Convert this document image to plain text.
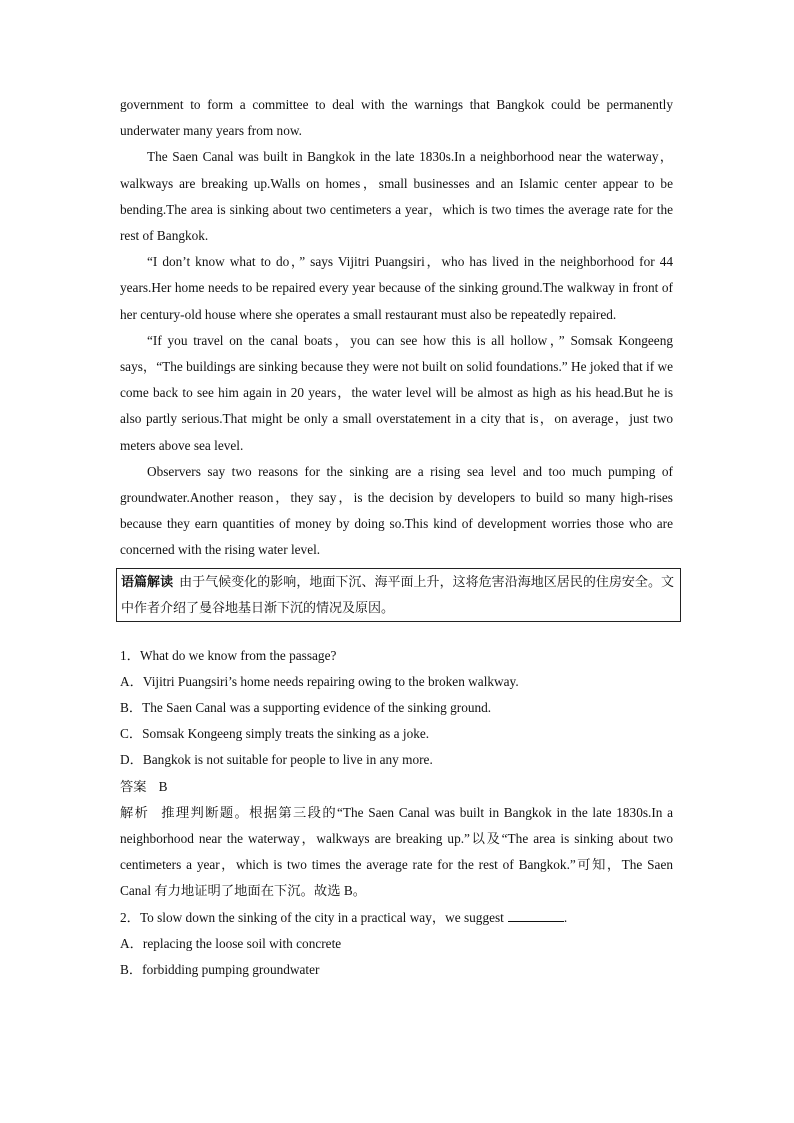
government to form a committee to deal with the warnings that Bangkok could be permanently underwater many years from now.

The Saen Canal was built in Bangkok in the late 1830s.In a neighborhood near the waterway，walkways are breaking up.Walls on homes，small businesses and an Islamic center appear to be bending.The area is sinking about two centimeters a year，which is two times the average rate for the rest of Bangkok.

“I don’t know what to do，” says Vijitri Puangsiri，who has lived in the neighborhood for 44 years.Her home needs to be repaired every year because of the sinking ground.The walkway in front of her century-old house where she operates a small restaurant must also be repeatedly repaired.

“If you travel on the canal boats，you can see how this is all hollow，” Somsak Kongeeng says，“The buildings are sinking because they were not built on solid foundations.” He joked that if we come back to see him again in 20 years，the water level will be almost as high as his head.But he is also partly serious.That might be only a small overstatement in a city that is，on average，just two meters above sea level.

Observers say two reasons for the sinking are a rising sea level and too much pumping of groundwater.Another reason，they say，is the decision by developers to build so many high-rises because they earn quantities of money by doing so.This kind of development worries those who are concerned with the rising water level.

语篇解读 由于气候变化的影响，地面下沉、海平面上升，这将危害沿海地区居民的住房安全。文中作者介绍了曼谷地基日渐下沉的情况及原因。

1．What do we know from the passage?

A．Vijitri Puangsiri’s home needs repairing owing to the broken walkway.

B．The Saen Canal was a supporting evidence of the sinking ground.

C．Somsak Kongeeng simply treats the sinking as a joke.

D．Bangkok is not suitable for people to live in any more.

答案 B

解析 推理判断题。根据第三段的“The Saen Canal was built in Bangkok in the late 1830s.In a neighborhood near the waterway，walkways are breaking up.”以及“The area is sinking about two centimeters a year，which is two times the average rate for the rest of Bangkok.”可知，The Saen Canal 有力地证明了地面在下沉。故选 B。

2．To slow down the sinking of the city in a practical way，we suggest	.

A．replacing the loose soil with concrete

B．forbidding pumping groundwater
